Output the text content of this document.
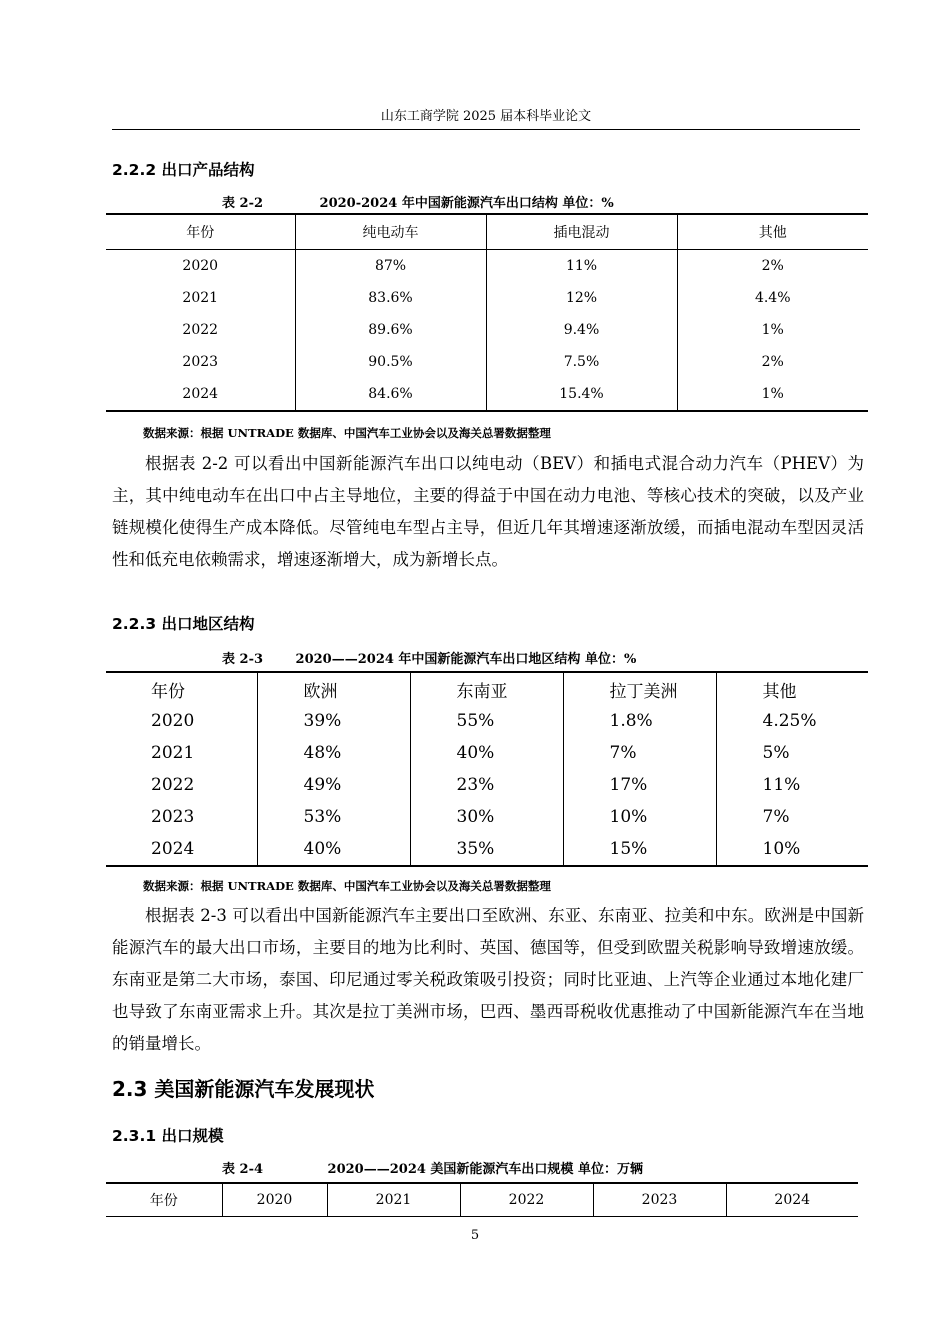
山东工商学院 2025 届本科毕业论文
2.2.2 出口产品结构
表 2-2	2020-2024 年中国新能源汽车出口结构 单位：%
年份	纯电动车	插电混动	其他
2020	87%	11%	2%
2021	83.6%	12%	4.4%
2022	89.6%	9.4%	1%
2023	90.5%	7.5%	2%
2024	84.6%	15.4%	1%
数据来源：根据 UNTRADE 数据库、中国汽车工业协会以及海关总署数据整理

根据表 2-2 可以看出中国新能源汽车出口以纯电动（BEV）和插电式混合动力汽车（PHEV）为主，其中纯电动车在出口中占主导地位，主要的得益于中国在动力电池、等核心技术的突破，以及产业链规模化使得生产成本降低。尽管纯电车型占主导，但近几年其增速逐渐放缓，而插电混动车型因灵活性和低充电依赖需求，增速逐渐增大，成为新增长点。

2.2.3 出口地区结构
表 2-3	2020——2024 年中国新能源汽车出口地区结构 单位：%
年份	欧洲	东南亚	拉丁美洲	其他
2020	39%	55%	1.8%	4.25%
2021	48%	40%	7%	5%
2022	49%	23%	17%	11%
2023	53%	30%	10%	7%
2024	40%	35%	15%	10%
数据来源：根据 UNTRADE 数据库、中国汽车工业协会以及海关总署数据整理

根据表 2-3 可以看出中国新能源汽车主要出口至欧洲、东亚、东南亚、拉美和中东。欧洲是中国新能源汽车的最大出口市场，主要目的地为比利时、英国、德国等，但受到欧盟关税影响导致增速放缓。东南亚是第二大市场，泰国、印尼通过零关税政策吸引投资；同时比亚迪、上汽等企业通过本地化建厂也导致了东南亚需求上升。其次是拉丁美洲市场，巴西、墨西哥税收优惠推动了中国新能源汽车在当地的销量增长。

2.3 美国新能源汽车发展现状
2.3.1 出口规模
表 2-4	2020——2024 美国新能源汽车出口规模 单位：万辆
年份	2020	2021	2022	2023	2024
5
